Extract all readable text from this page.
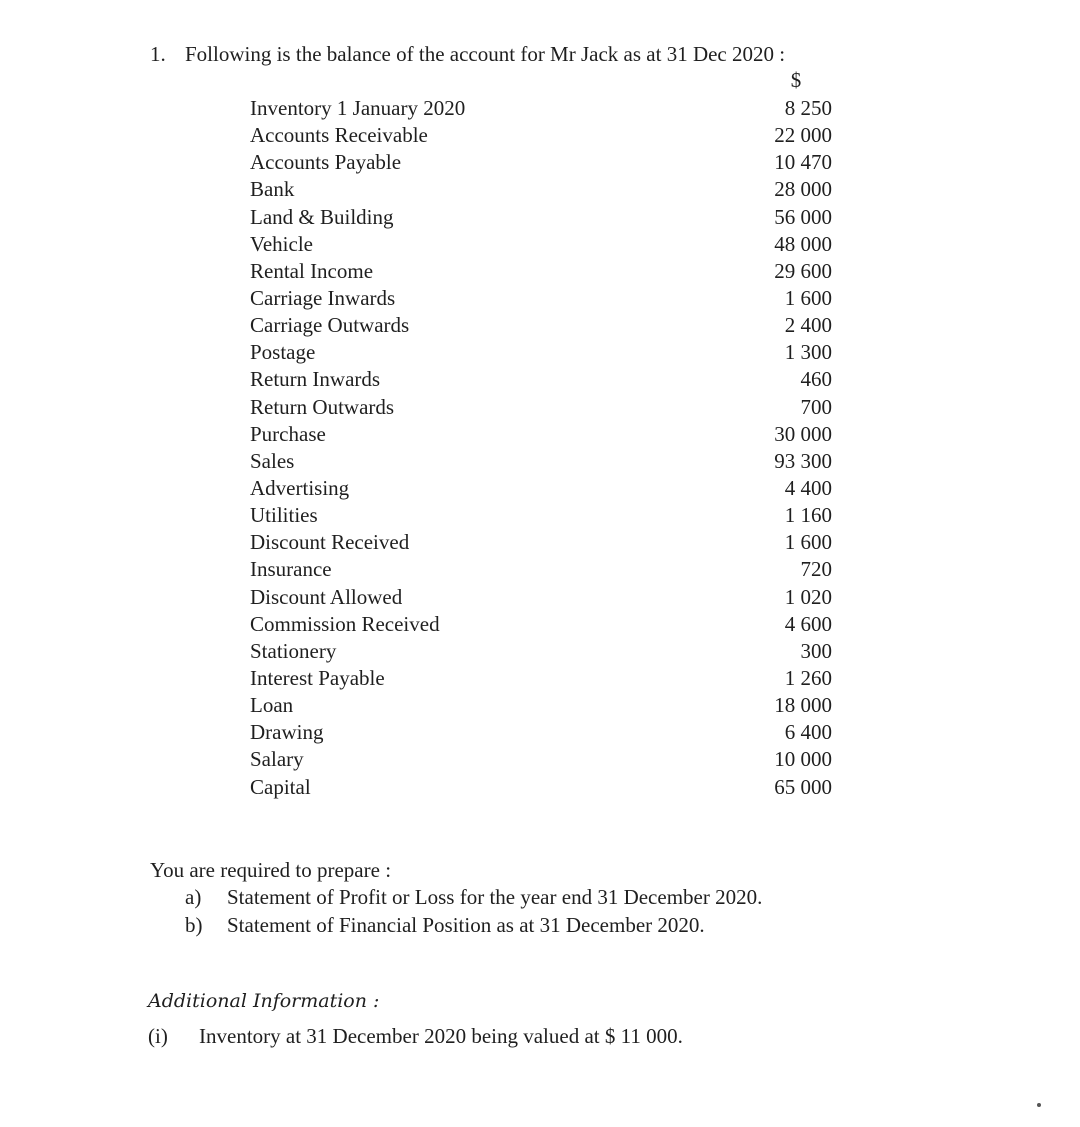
1. Following is the balance of the account for Mr Jack as at 31 Dec 2020 :
$
Inventory 1 January 2020	8 250
Accounts Receivable	22 000
Accounts Payable	10 470
Bank	28 000
Land & Building	56 000
Vehicle	48 000
Rental Income	29 600
Carriage Inwards	1 600
Carriage Outwards	2 400
Postage	1 300
Return Inwards	460
Return Outwards	700
Purchase	30 000
Sales	93 300
Advertising	4 400
Utilities	1 160
Discount Received	1 600
Insurance	720
Discount Allowed	1 020
Commission Received	4 600
Stationery	300
Interest Payable	1 260
Loan	18 000
Drawing	6 400
Salary	10 000
Capital	65 000
You are required to prepare :
a) Statement of Profit or Loss for the year end 31 December 2020.
b) Statement of Financial Position as at 31 December 2020.
Additional Information :
(i) Inventory at 31 December 2020 being valued at $ 11 000.
